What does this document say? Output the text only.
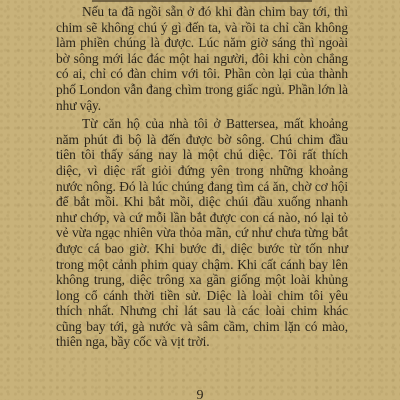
Nếu ta đã ngồi sẵn ở đó khi đàn chim bay tới, thì chim sẽ không chú ý gì đến ta, và rồi ta chỉ cần không làm phiền chúng là được. Lúc năm giờ sáng thì ngoài bờ sông mới lác đác một hai người, đôi khi còn chẳng có ai, chỉ có đàn chim với tôi. Phần còn lại của thành phố London vẫn đang chìm trong giấc ngủ. Phần lớn là như vậy.

Từ căn hộ của nhà tôi ở Battersea, mất khoảng năm phút đi bộ là đến được bờ sông. Chú chim đầu tiên tôi thấy sáng nay là một chú diệc. Tôi rất thích diệc, vì diệc rất giỏi đứng yên trong những khoảng nước nông. Đó là lúc chúng đang tìm cá ăn, chờ cơ hội để bắt mồi. Khi bắt mồi, diệc chúi đầu xuống nhanh như chớp, và cứ mỗi lần bắt được con cá nào, nó lại tỏ vẻ vừa ngạc nhiên vừa thỏa mãn, cứ như chưa từng bắt được cá bao giờ. Khi bước đi, diệc bước từ tốn như trong một cảnh phim quay chậm. Khi cất cánh bay lên không trung, diệc trông xa gần giống một loài khủng long cổ cánh thời tiền sử. Diệc là loài chim tôi yêu thích nhất. Nhưng chỉ lát sau là các loài chim khác cũng bay tới, gà nước và sâm cầm, chim lặn có mào, thiên nga, bầy cốc và vịt trời.

9
